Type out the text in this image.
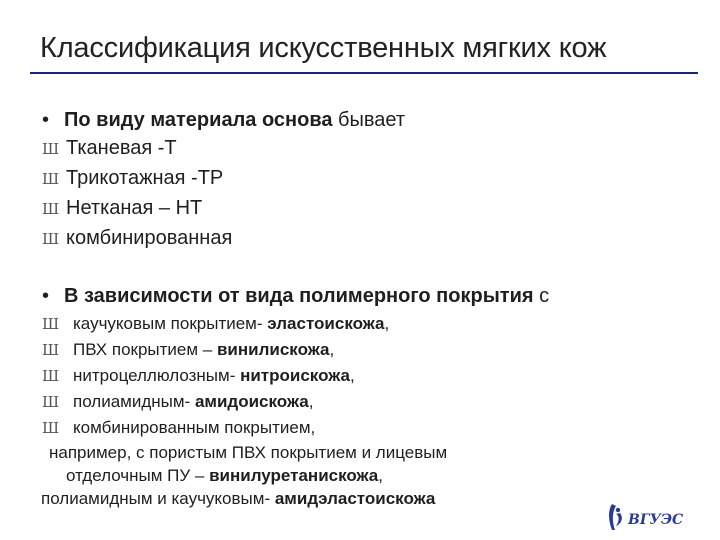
Классификация искусственных мягких кож
• По виду материала основа бывает
Ш Тканевая -Т
Ш Трикотажная -ТР
Ш Нетканая – НТ
Ш комбинированная
• В зависимости от вида полимерного покрытия с
Ш каучуковым покрытием- эластоискожа,
Ш ПВХ покрытием – винилискожа,
Ш нитроцеллюлозным- нитроискожа,
Ш полиамидным- амидоискожа,
Ш комбинированным покрытием,
например, с пористым ПВХ покрытием и лицевым
отделочным ПУ – винилуретанискожа,
полиамидным и каучуковым- амидэластоискожа
ВГУЭС
